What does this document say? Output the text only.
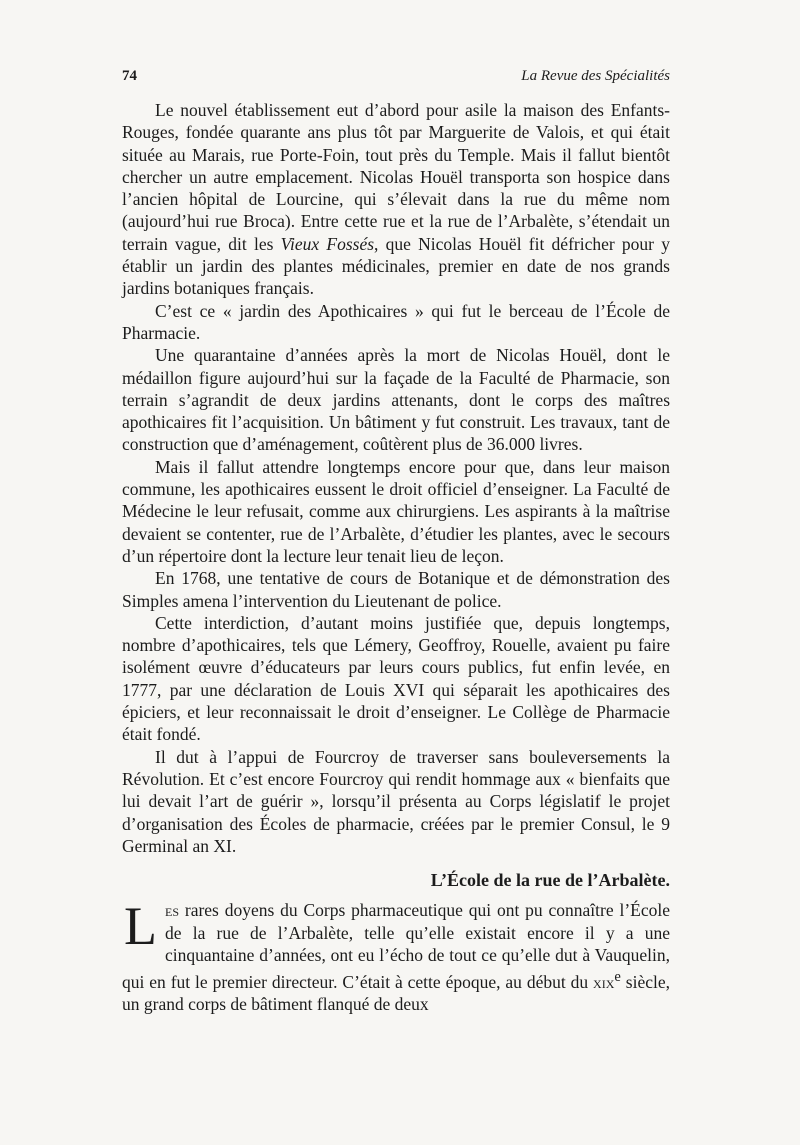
74	La Revue des Spécialités

Le nouvel établissement eut d’abord pour asile la maison des Enfants-Rouges, fondée quarante ans plus tôt par Marguerite de Valois, et qui était située au Marais, rue Porte-Foin, tout près du Temple. Mais il fallut bientôt chercher un autre emplacement. Nicolas Houël transporta son hospice dans l’ancien hôpital de Lourcine, qui s’élevait dans la rue du même nom (aujourd’hui rue Broca). Entre cette rue et la rue de l’Arbalète, s’étendait un terrain vague, dit les Vieux Fossés, que Nicolas Houël fit défricher pour y établir un jardin des plantes médicinales, premier en date de nos grands jardins botaniques français.

C’est ce « jardin des Apothicaires » qui fut le berceau de l’École de Pharmacie.

Une quarantaine d’années après la mort de Nicolas Houël, dont le médaillon figure aujourd’hui sur la façade de la Faculté de Pharmacie, son terrain s’agrandit de deux jardins attenants, dont le corps des maîtres apothicaires fit l’acquisition. Un bâtiment y fut construit. Les travaux, tant de construction que d’aménagement, coûtèrent plus de 36.000 livres.

Mais il fallut attendre longtemps encore pour que, dans leur maison commune, les apothicaires eussent le droit officiel d’enseigner. La Faculté de Médecine le leur refusait, comme aux chirurgiens. Les aspirants à la maîtrise devaient se contenter, rue de l’Arbalète, d’étudier les plantes, avec le secours d’un répertoire dont la lecture leur tenait lieu de leçon.

En 1768, une tentative de cours de Botanique et de démonstration des Simples amena l’intervention du Lieutenant de police.

Cette interdiction, d’autant moins justifiée que, depuis longtemps, nombre d’apothicaires, tels que Lémery, Geoffroy, Rouelle, avaient pu faire isolément œuvre d’éducateurs par leurs cours publics, fut enfin levée, en 1777, par une déclaration de Louis XVI qui séparait les apothicaires des épiciers, et leur reconnaissait le droit d’enseigner. Le Collège de Pharmacie était fondé.

Il dut à l’appui de Fourcroy de traverser sans bouleversements la Révolution. Et c’est encore Fourcroy qui rendit hommage aux « bienfaits que lui devait l’art de guérir », lorsqu’il présenta au Corps législatif le projet d’organisation des Écoles de pharmacie, créées par le premier Consul, le 9 Germinal an XI.

L’École de la rue de l’Arbalète.

Les rares doyens du Corps pharmaceutique qui ont pu connaître l’École de la rue de l’Arbalète, telle qu’elle existait encore il y a une cinquantaine d’années, ont eu l’écho de tout ce qu’elle dut à Vauquelin, qui en fut le premier directeur. C’était à cette époque, au début du xix$^e$ siècle, un grand corps de bâtiment flanqué de deux
